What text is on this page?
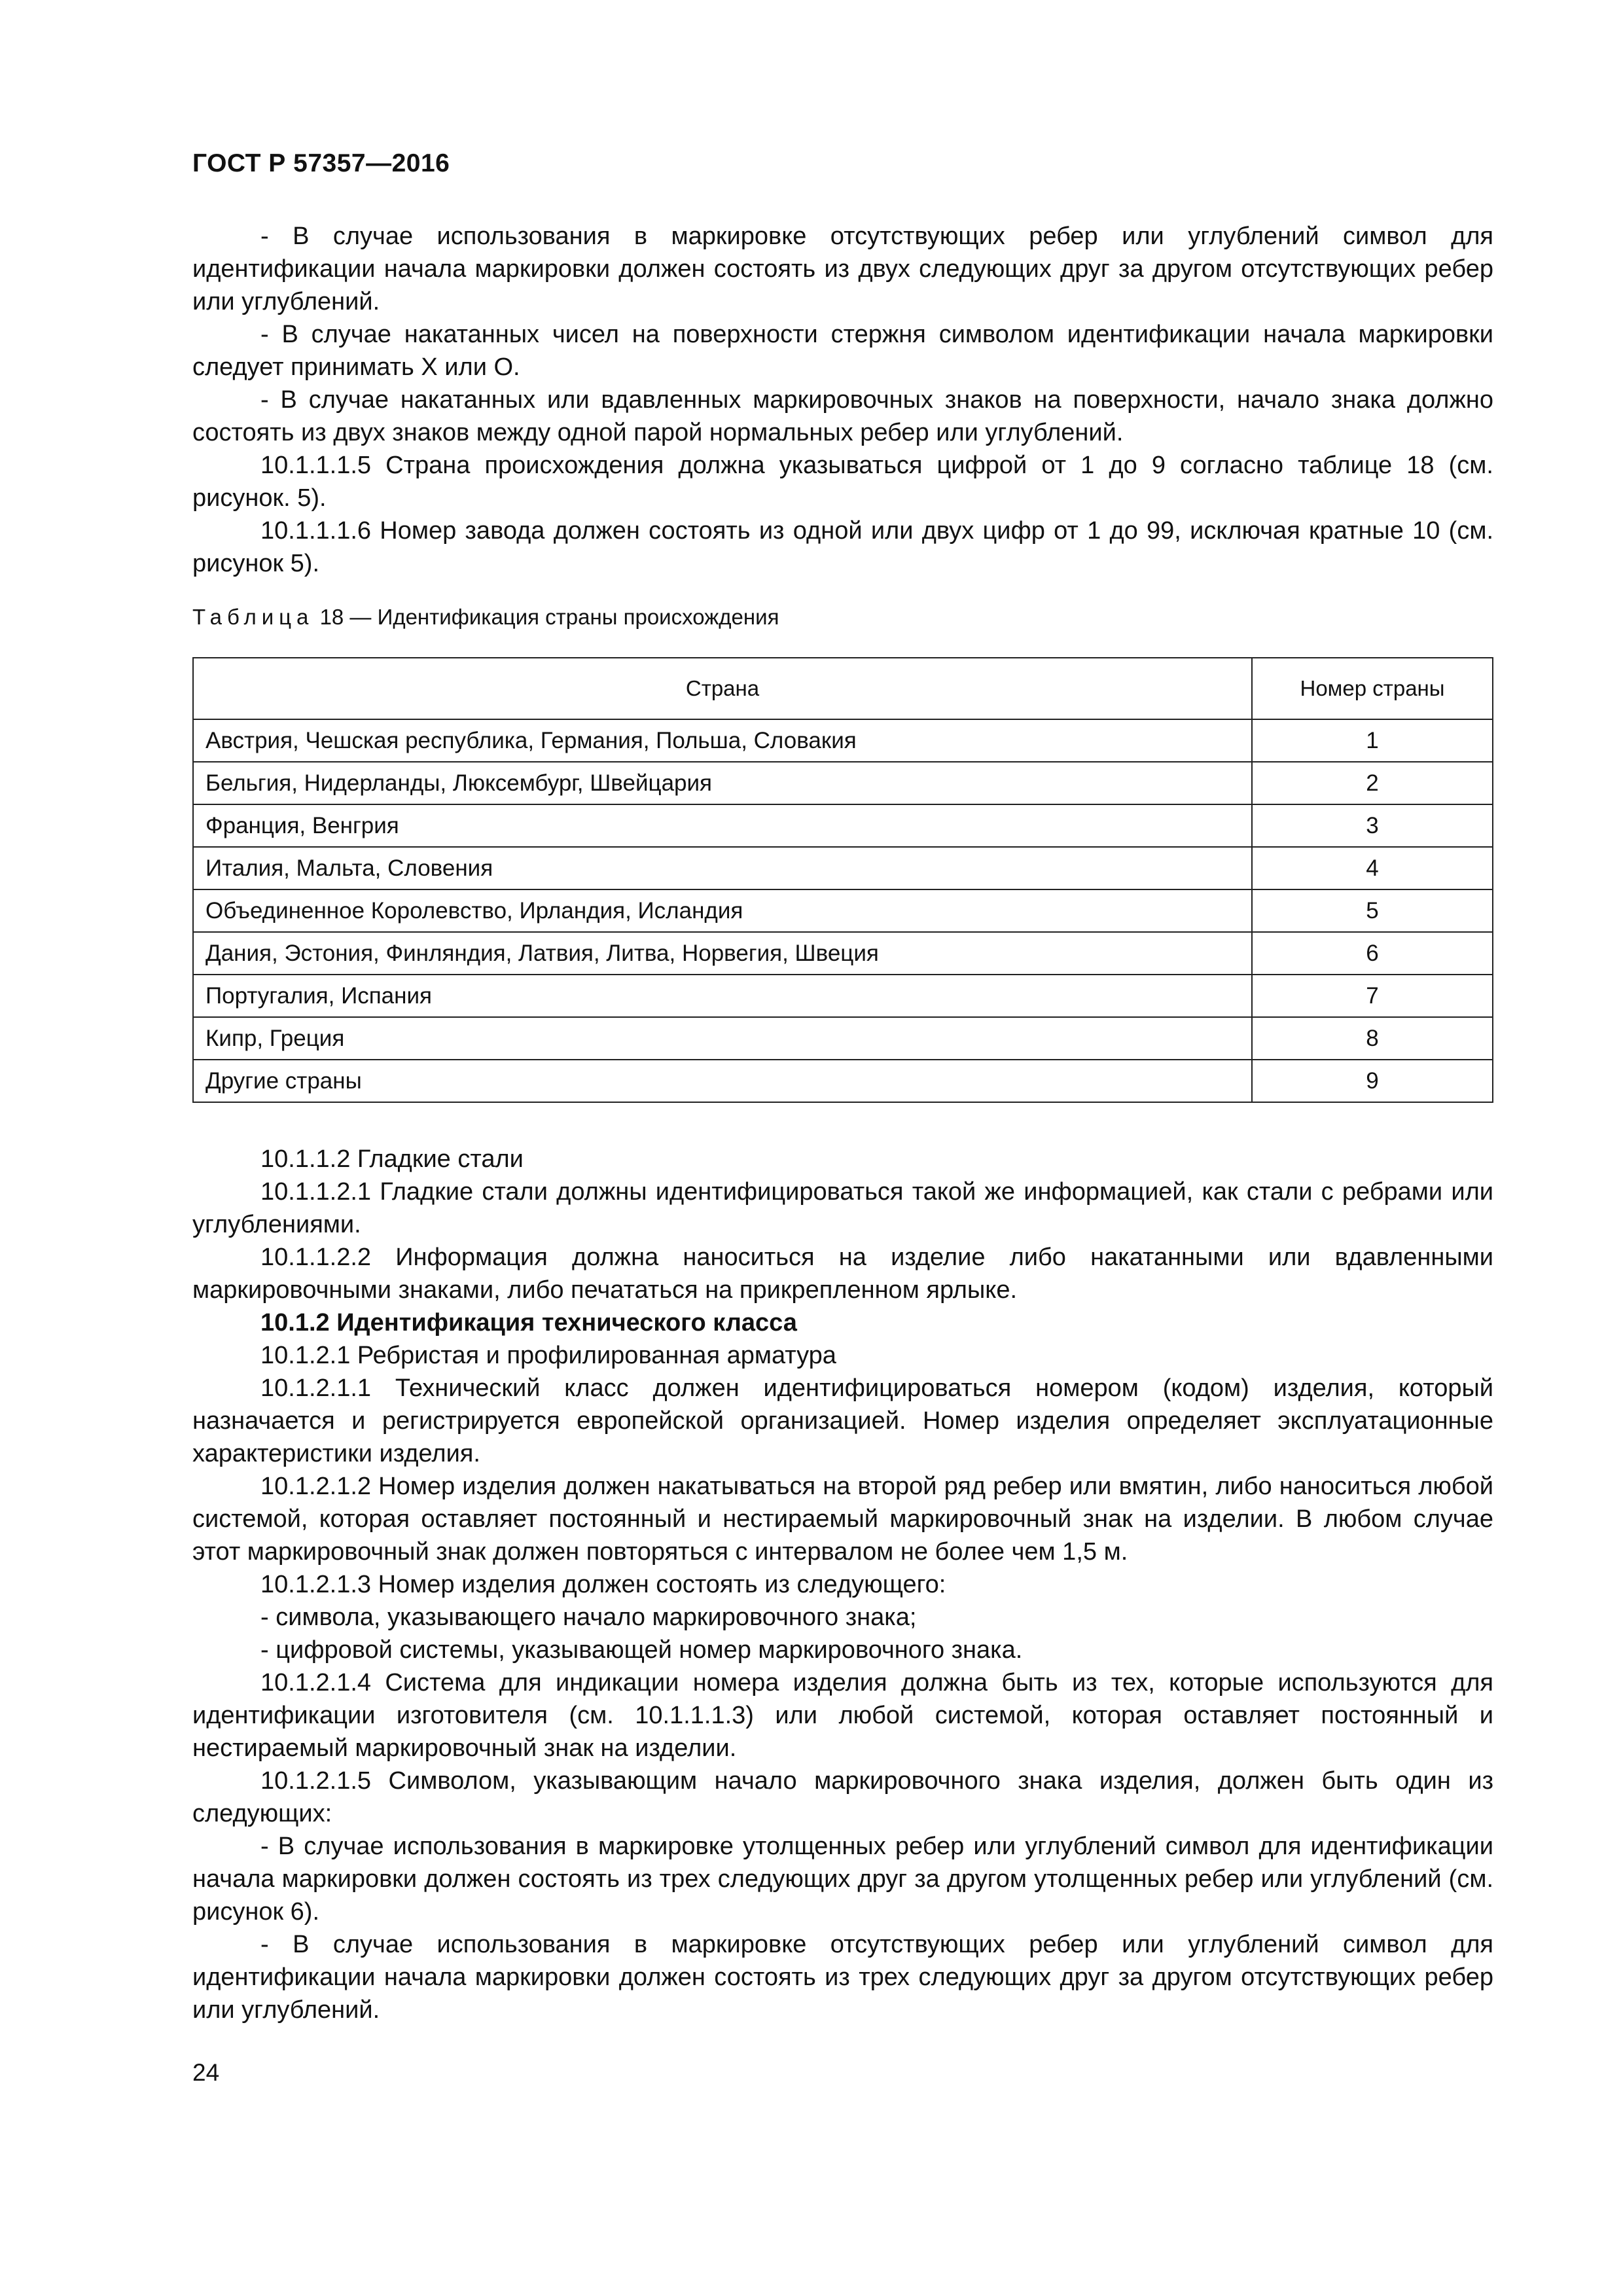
ГОСТ Р 57357—2016

- В случае использования в маркировке отсутствующих ребер или углублений символ для идентификации начала маркировки должен состоять из двух следующих друг за другом отсутствующих ребер или углублений.

- В случае накатанных чисел на поверхности стержня символом идентификации начала маркировки следует принимать X или О.

- В случае накатанных или вдавленных маркировочных знаков на поверхности, начало знака должно состоять из двух знаков между одной парой нормальных ребер или углублений.

10.1.1.1.5 Страна происхождения должна указываться цифрой от 1 до 9 согласно таблице 18 (см. рисунок. 5).

10.1.1.1.6 Номер завода должен состоять из одной или двух цифр от 1 до 99, исключая кратные 10 (см. рисунок 5).

Таблица 18 — Идентификация страны происхождения
Страна	Номер страны
Австрия, Чешская республика, Германия, Польша, Словакия	1
Бельгия, Нидерланды, Люксембург, Швейцария	2
Франция, Венгрия	3
Италия, Мальта, Словения	4
Объединенное Королевство, Ирландия, Исландия	5
Дания, Эстония, Финляндия, Латвия, Литва, Норвегия, Швеция	6
Португалия, Испания	7
Кипр, Греция	8
Другие страны	9

10.1.1.2 Гладкие стали

10.1.1.2.1 Гладкие стали должны идентифицироваться такой же информацией, как стали с ребрами или углублениями.

10.1.1.2.2 Информация должна наноситься на изделие либо накатанными или вдавленными маркировочными знаками, либо печататься на прикрепленном ярлыке.

10.1.2 Идентификация технического класса

10.1.2.1 Ребристая и профилированная арматура

10.1.2.1.1 Технический класс должен идентифицироваться номером (кодом) изделия, который назначается и регистрируется европейской организацией. Номер изделия определяет эксплуатационные характеристики изделия.

10.1.2.1.2 Номер изделия должен накатываться на второй ряд ребер или вмятин, либо наноситься любой системой, которая оставляет постоянный и нестираемый маркировочный знак на изделии. В любом случае этот маркировочный знак должен повторяться с интервалом не более чем 1,5 м.

10.1.2.1.3 Номер изделия должен состоять из следующего:

- символа, указывающего начало маркировочного знака;

- цифровой системы, указывающей номер маркировочного знака.

10.1.2.1.4 Система для индикации номера изделия должна быть из тех, которые используются для идентификации изготовителя (см. 10.1.1.1.3) или любой системой, которая оставляет постоянный и нестираемый маркировочный знак на изделии.

10.1.2.1.5 Символом, указывающим начало маркировочного знака изделия, должен быть один из следующих:

- В случае использования в маркировке утолщенных ребер или углублений символ для идентификации начала маркировки должен состоять из трех следующих друг за другом утолщенных ребер или углублений (см. рисунок 6).

- В случае использования в маркировке отсутствующих ребер или углублений символ для идентификации начала маркировки должен состоять из трех следующих друг за другом отсутствующих ребер или углублений.

24
